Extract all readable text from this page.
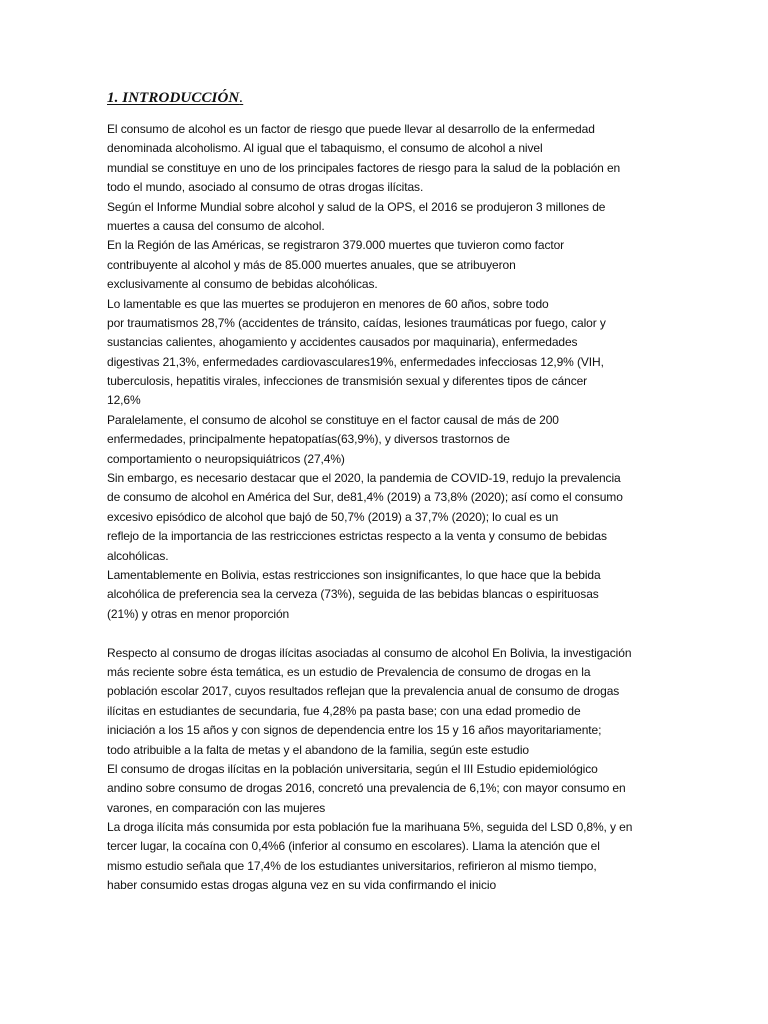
1. INTRODUCCIÓN.
El consumo de alcohol es un factor de riesgo que puede llevar al desarrollo de la enfermedad
denominada alcoholismo. Al igual que el tabaquismo, el consumo de alcohol a nivel
mundial se constituye en uno de los principales factores de riesgo para la salud de la población en
todo el mundo, asociado al consumo de otras drogas ilícitas.
Según el Informe Mundial sobre alcohol y salud de la OPS, el 2016 se produjeron 3 millones de
muertes a causa del consumo de alcohol.
En la Región de las Américas, se registraron 379.000 muertes que tuvieron como factor
contribuyente al alcohol y más de 85.000 muertes anuales, que se atribuyeron
exclusivamente al consumo de bebidas alcohólicas.
Lo lamentable es que las muertes se produjeron en menores de 60 años, sobre todo
por traumatismos 28,7% (accidentes de tránsito, caídas, lesiones traumáticas por fuego, calor y
sustancias calientes, ahogamiento y accidentes causados por maquinaria), enfermedades
digestivas 21,3%, enfermedades cardiovasculares19%, enfermedades infecciosas 12,9% (VIH,
tuberculosis, hepatitis virales, infecciones de transmisión sexual y diferentes tipos de cáncer
12,6%
Paralelamente, el consumo de alcohol se constituye en el factor causal de más de 200
enfermedades, principalmente hepatopatías(63,9%), y diversos trastornos de
comportamiento o neuropsiquiátricos (27,4%)
Sin embargo, es necesario destacar que el 2020, la pandemia de COVID-19, redujo la prevalencia
de consumo de alcohol en América del Sur, de81,4% (2019) a 73,8% (2020); así como el consumo
excesivo episódico de alcohol que bajó de 50,7% (2019) a 37,7% (2020); lo cual es un
reflejo de la importancia de las restricciones estrictas respecto a la venta y consumo de bebidas
alcohólicas.
Lamentablemente en Bolivia, estas restricciones son insignificantes, lo que hace que la bebida
alcohólica de preferencia sea la cerveza (73%), seguida de las bebidas blancas o espirituosas
(21%) y otras en menor proporción
Respecto al consumo de drogas ilícitas asociadas al consumo de alcohol En Bolivia, la investigación
más reciente sobre ésta temática, es un estudio de Prevalencia de consumo de drogas en la
población escolar 2017, cuyos resultados reflejan que la prevalencia anual de consumo de drogas
ilícitas en estudiantes de secundaria, fue 4,28% pa pasta base; con una edad promedio de
iniciación a los 15 años y con signos de dependencia entre los 15 y 16 años mayoritariamente;
todo atribuible a la falta de metas y el abandono de la familia, según este estudio
El consumo de drogas ilícitas en la población universitaria, según el III Estudio epidemiológico
andino sobre consumo de drogas 2016, concretó una prevalencia de 6,1%; con mayor consumo en
varones, en comparación con las mujeres
La droga ilícita más consumida por esta población fue la marihuana 5%, seguida del LSD 0,8%, y en
tercer lugar, la cocaína con 0,4%6 (inferior al consumo en escolares). Llama la atención que el
mismo estudio señala que 17,4% de los estudiantes universitarios, refirieron al mismo tiempo,
haber consumido estas drogas alguna vez en su vida confirmando el inicio
